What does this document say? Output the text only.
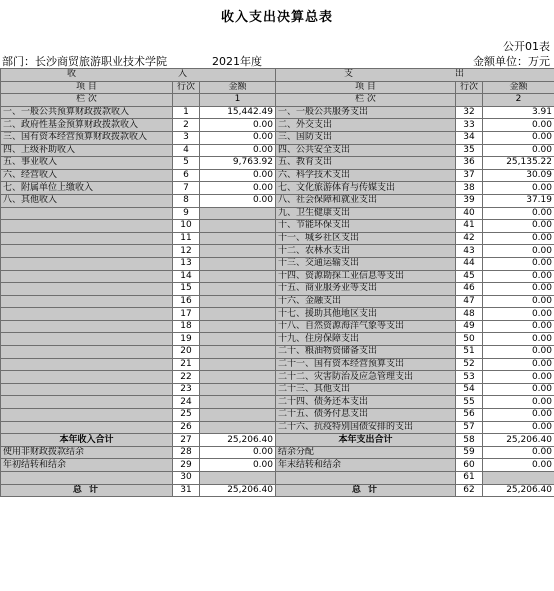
收入支出决算总表
公开01表
部门：长沙商贸旅游职业技术学院	2021年度	金额单位：万元
收 入			支 出		
项 目	行次	金额	项 目	行次	金额
栏 次		1	栏 次		2
一、一般公共预算财政拨款收入	1	15,442.49	一、一般公共服务支出	32	3.91
二、政府性基金预算财政拨款收入	2	0.00	二、外交支出	33	0.00
三、国有资本经营预算财政拨款收入	3	0.00	三、国防支出	34	0.00
四、上级补助收入	4	0.00	四、公共安全支出	35	0.00
五、事业收入	5	9,763.92	五、教育支出	36	25,135.22
六、经营收入	6	0.00	六、科学技术支出	37	30.09
七、附属单位上缴收入	7	0.00	七、文化旅游体育与传媒支出	38	0.00
八、其他收入	8	0.00	八、社会保障和就业支出	39	37.19
	9		九、卫生健康支出	40	0.00
	10		十、节能环保支出	41	0.00
	11		十一、城乡社区支出	42	0.00
	12		十二、农林水支出	43	0.00
	13		十三、交通运输支出	44	0.00
	14		十四、资源勘探工业信息等支出	45	0.00
	15		十五、商业服务业等支出	46	0.00
	16		十六、金融支出	47	0.00
	17		十七、援助其他地区支出	48	0.00
	18		十八、自然资源海洋气象等支出	49	0.00
	19		十九、住房保障支出	50	0.00
	20		二十、粮油物资储备支出	51	0.00
	21		二十一、国有资本经营预算支出	52	0.00
	22		二十二、灾害防治及应急管理支出	53	0.00
	23		二十三、其他支出	54	0.00
	24		二十四、债务还本支出	55	0.00
	25		二十五、债务付息支出	56	0.00
	26		二十六、抗疫特别国债安排的支出	57	0.00
本年收入合计	27	25,206.40	本年支出合计	58	25,206.40
使用非财政拨款结余	28	0.00	结余分配	59	0.00
年初结转和结余	29	0.00	年末结转和结余	60	0.00
	30			61	
总 计	31	25,206.40	总 计	62	25,206.40
